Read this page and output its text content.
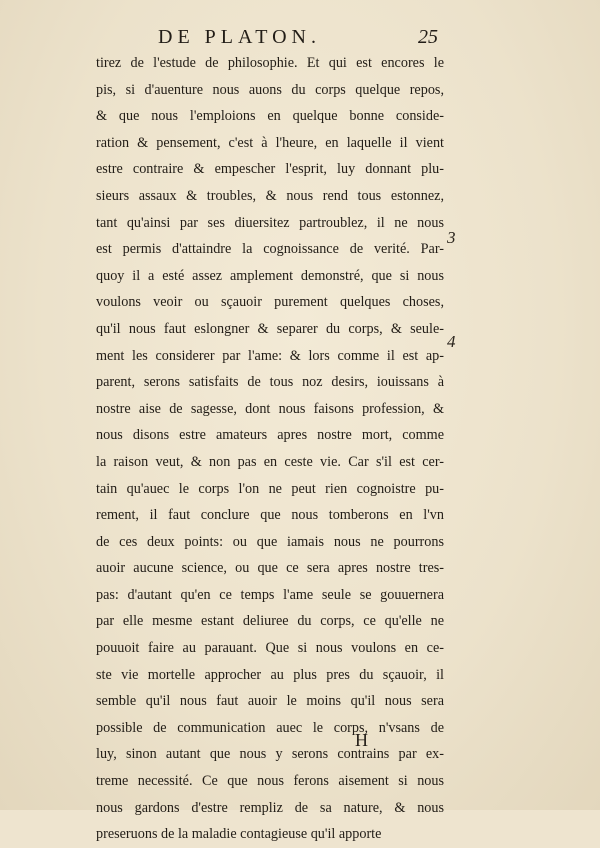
DE PLATON.	25
tirez de l'estude de philosophie. Et qui est encores le
pis, si d'auenture nous auons du corps quelque repos,
& que nous l'emploions en quelque bonne conside-
ration & pensement, c'est à l'heure, en laquelle il vient
estre contraire & empescher l'esprit, luy donnant plu-
sieurs assaux & troubles, & nous rend tous estonnez,
tant qu'ainsi par ses diuersitez partroublez, il ne nous
est permis d'attaindre la cognoissance de verité. Par-
quoy il a esté assez amplement demonstré, que si nous
voulons veoir ou sçauoir purement quelques choses,
qu'il nous faut eslongner & separer du corps, & seule-
ment les considerer par l'ame: & lors comme il est ap-
parent, serons satisfaits de tous noz desirs, iouissans à
nostre aise de sagesse, dont nous faisons profession, &
nous disons estre amateurs apres nostre mort, comme
la raison veut, & non pas en ceste vie. Car s'il est cer-
tain qu'auec le corps l'on ne peut rien cognoistre pu-
rement, il faut conclure que nous tomberons en l'vn
de ces deux points: ou que iamais nous ne pourrons
auoir aucune science, ou que ce sera apres nostre tres-
pas: d'autant qu'en ce temps l'ame seule se gouuernera
par elle mesme estant deliuree du corps, ce qu'elle ne
pouuoit faire au parauant. Que si nous voulons en ce-
ste vie mortelle approcher au plus pres du sçauoir, il
semble qu'il nous faut auoir le moins qu'il nous sera
possible de communication auec le corps, n'vsans de
luy, sinon autant que nous y serons contrains par ex-
treme necessité. Ce que nous ferons aisement si nous
nous gardons d'estre rempliz de sa nature, & nous
preseruons de la maladie contagieuse qu'il apporte
3
4
H
